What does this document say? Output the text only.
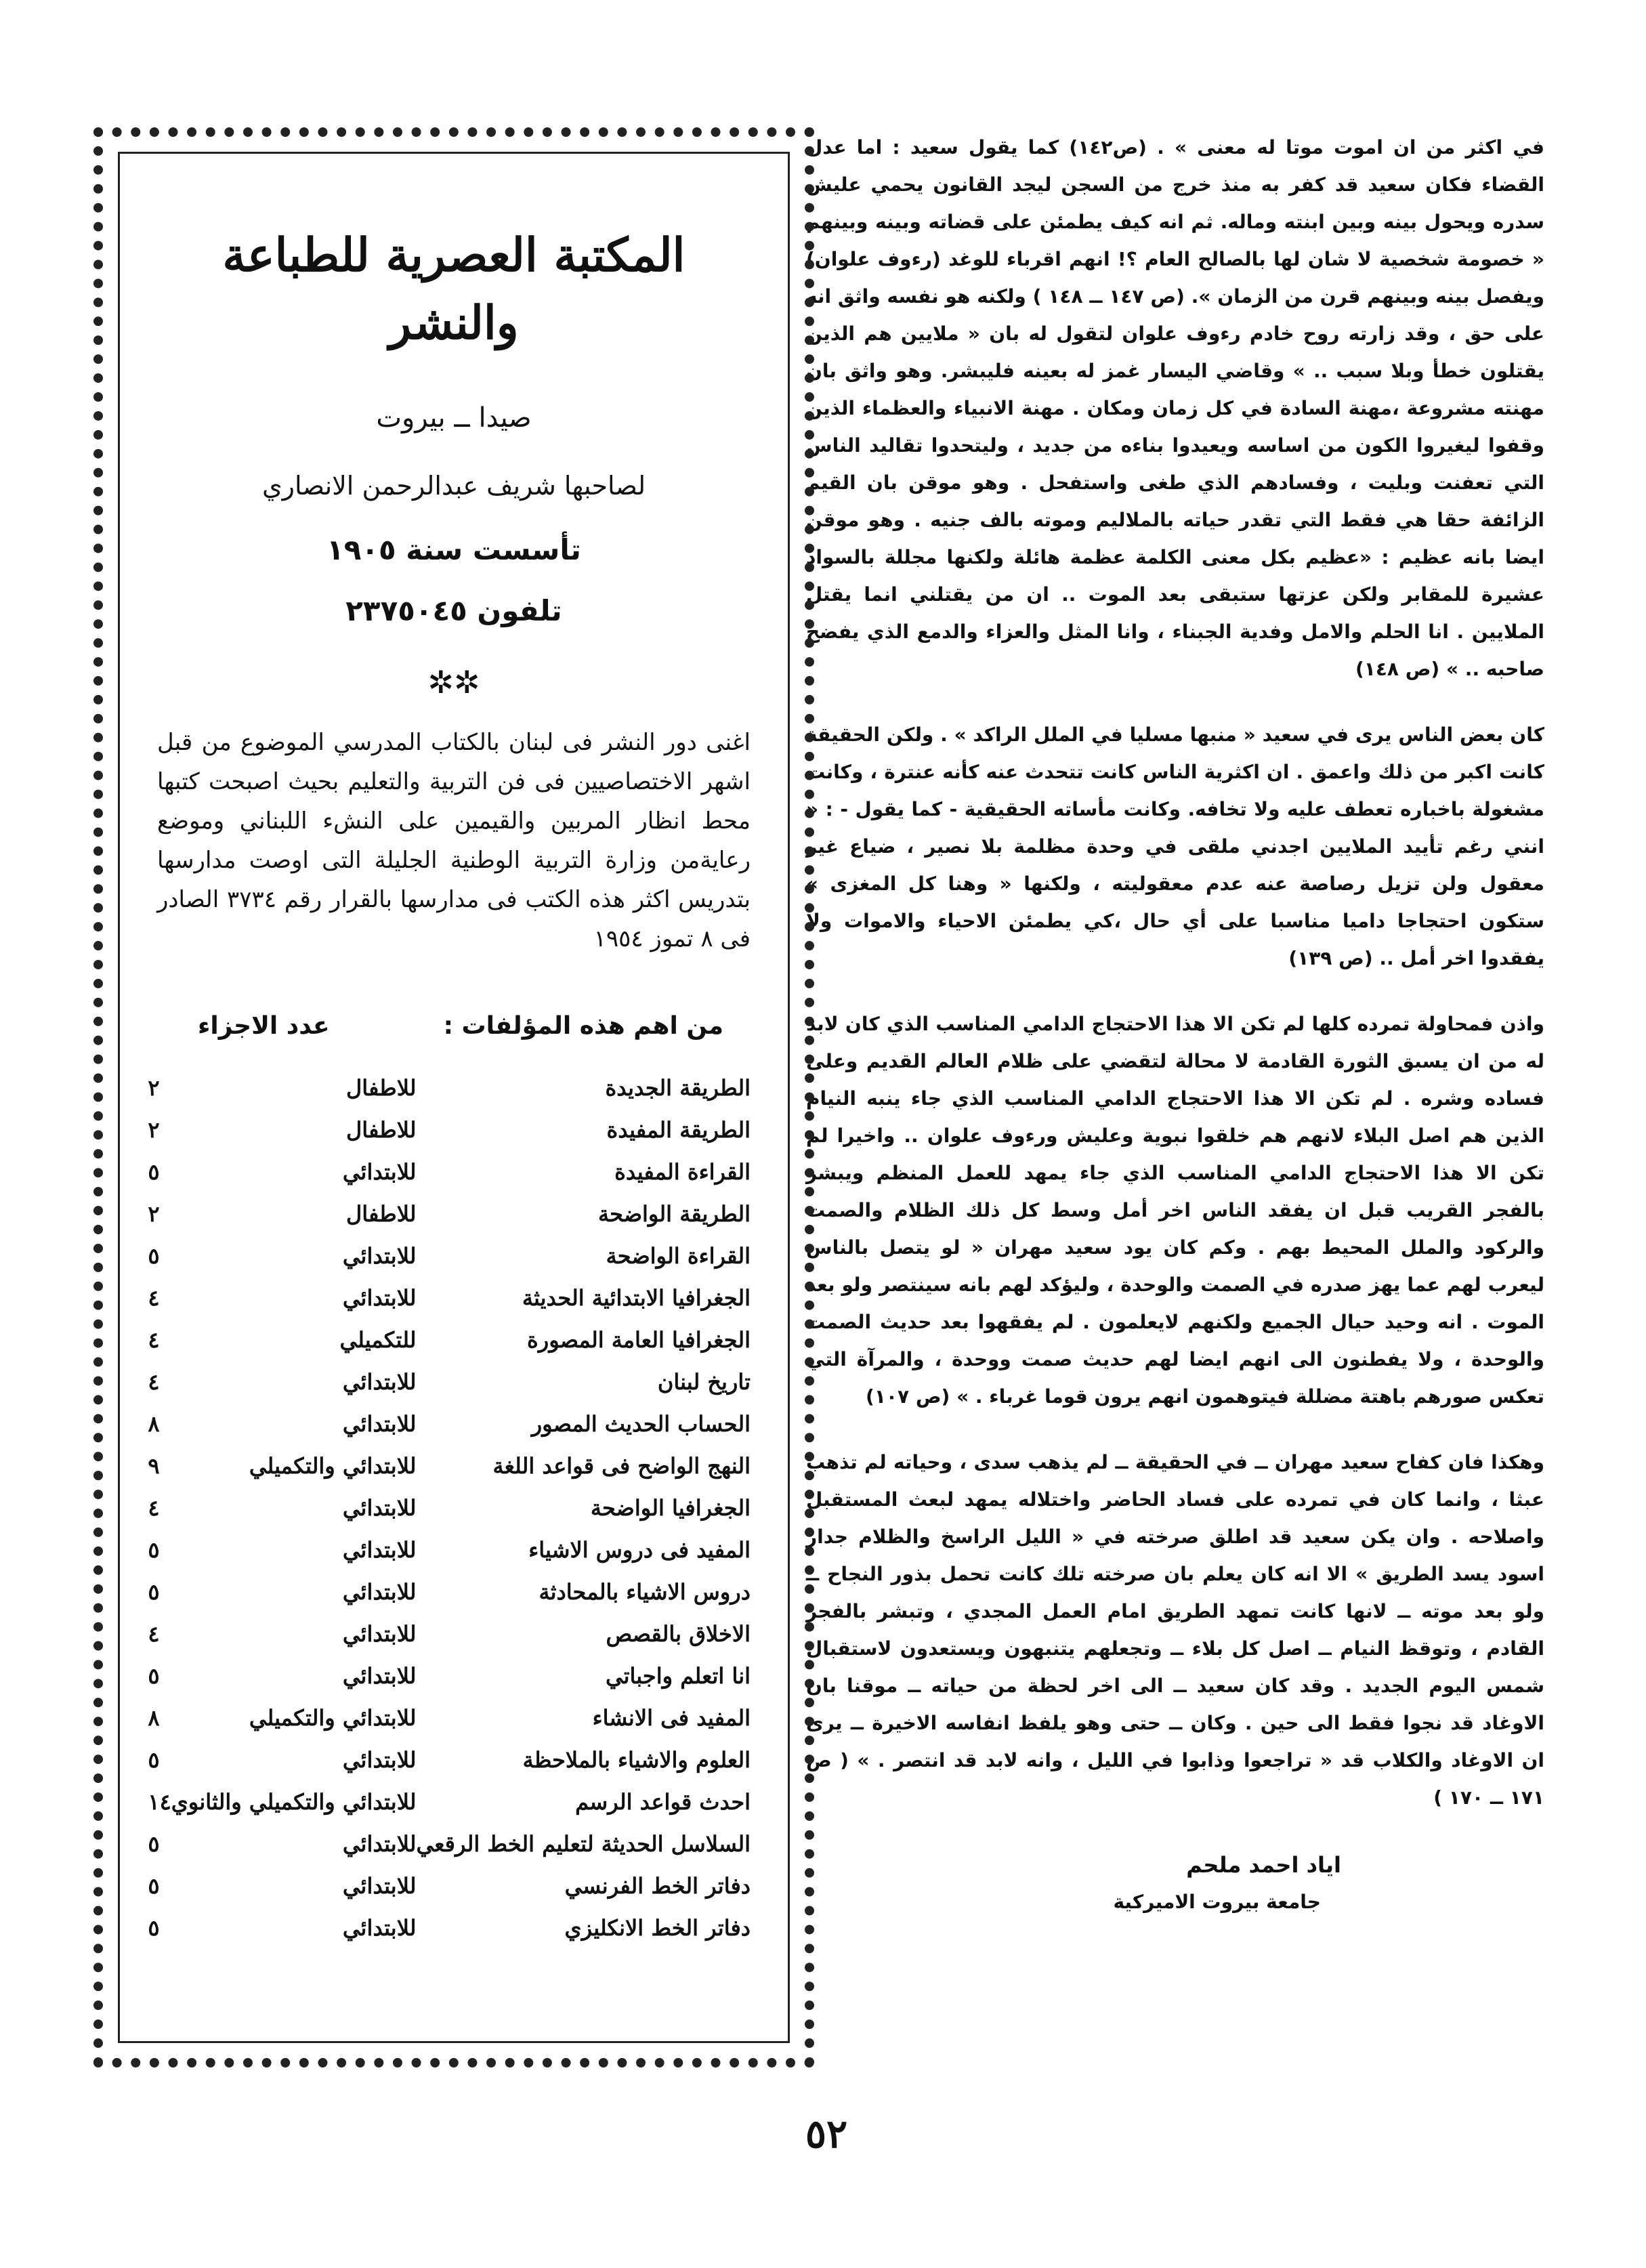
في اكثر من ان اموت موتا له معنى » . (ص١٤٢) كما يقول سعيد : اما عدل القضاء فكان سعيد قد كفر به منذ خرج من السجن ليجد القانون يحمي عليش سدره ويحول بينه وبين ابنته وماله. ثم انه كيف يطمئن على قضاته وبينه وبينهم « خصومة شخصية لا شان لها بالصالح العام ؟! انهم اقرباء للوغد (رءوف علوان) ويفصل بينه وبينهم قرن من الزمان ». (ص ١٤٧ ــ ١٤٨ ) ولكنه هو نفسه واثق انه على حق ، وقد زارته روح خادم رءوف علوان لتقول له بان « ملايين هم الذين يقتلون خطأ وبلا سبب .. » وقاضي اليسار غمز له بعينه فليبشر. وهو واثق بان مهنته مشروعة ،مهنة السادة في كل زمان ومكان . مهنة الانبياء والعظماء الذين وقفوا ليغيروا الكون من اساسه ويعيدوا بناءه من جديد ، وليتحدوا تقاليد الناس التي تعفنت وبليت ، وفسادهم الذي طغى واستفحل . وهو موقن بان القيم الزائفة حقا هي فقط التي تقدر حياته بالملاليم وموته بالف جنيه . وهو موقن ايضا بانه عظيم : «عظيم بكل معنى الكلمة عظمة هائلة ولكنها مجللة بالسواد عشيرة للمقابر ولكن عزتها ستبقى بعد الموت .. ان من يقتلني انما يقتل الملايين . انا الحلم والامل وفدية الجبناء ، وانا المثل والعزاء والدمع الذي يفضح صاحبه .. » (ص ١٤٨)

كان بعض الناس يرى في سعيد « منبها مسليا في الملل الراكد » . ولكن الحقيقة كانت اكبر من ذلك واعمق . ان اكثرية الناس كانت تتحدث عنه كأنه عنترة ، وكانت مشغولة باخباره تعطف عليه ولا تخافه. وكانت مأساته الحقيقية - كما يقول - : « انني رغم تأييد الملايين اجدني ملقى في وحدة مظلمة بلا نصير ، ضياع غير معقول ولن تزيل رصاصة عنه عدم معقوليته ، ولكنها « وهنا كل المغزى » ستكون احتجاجا داميا مناسبا على أي حال ،كي يطمئن الاحياء والاموات ولا يفقدوا اخر أمل .. (ص ١٣٩)

واذن فمحاولة تمرده كلها لم تكن الا هذا الاحتجاج الدامي المناسب الذي كان لابد له من ان يسبق الثورة القادمة لا محالة لتقضي على ظلام العالم القديم وعلى فساده وشره . لم تكن الا هذا الاحتجاج الدامي المناسب الذي جاء ينبه النيام الذين هم اصل البلاء لانهم هم خلقوا نبوية وعليش ورءوف علوان .. واخيرا لم تكن الا هذا الاحتجاج الدامي المناسب الذي جاء يمهد للعمل المنظم ويبشر بالفجر القريب قبل ان يفقد الناس اخر أمل وسط كل ذلك الظلام والصمت والركود والملل المحيط بهم . وكم كان يود سعيد مهران « لو يتصل بالناس ليعرب لهم عما يهز صدره في الصمت والوحدة ، وليؤكد لهم بانه سينتصر ولو بعد الموت . انه وحيد حيال الجميع ولكنهم لايعلمون . لم يفقهوا بعد حديث الصمت والوحدة ، ولا يفطنون الى انهم ايضا لهم حديث صمت ووحدة ، والمرآة التي تعكس صورهم باهتة مضللة فيتوهمون انهم يرون قوما غرباء . » (ص ١٠٧)

وهكذا فان كفاح سعيد مهران ــ في الحقيقة ــ لم يذهب سدى ، وحياته لم تذهب عبثا ، وانما كان في تمرده على فساد الحاضر واختلاله يمهد لبعث المستقبل واصلاحه . وان يكن سعيد قد اطلق صرخته في « الليل الراسخ والظلام جدار اسود يسد الطريق » الا انه كان يعلم بان صرخته تلك كانت تحمل بذور النجاح ــ ولو بعد موته ــ لانها كانت تمهد الطريق امام العمل المجدي ، وتبشر بالفجر القادم ، وتوقظ النيام ــ اصل كل بلاء ــ وتجعلهم يتنبهون ويستعدون لاستقبال شمس اليوم الجديد . وقد كان سعيد ــ الى اخر لحظة من حياته ــ موقنا بان الاوغاد قد نجوا فقط الى حين . وكان ــ حتى وهو يلفظ انفاسه الاخيرة ــ يرى ان الاوغاد والكلاب قد « تراجعوا وذابوا في الليل ، وانه لابد قد انتصر . » ( ص ١٧١ ــ ١٧٠ )

اياد احمد ملحم
جامعة بيروت الاميركية
المكتبة العصرية للطباعة والنشر
صيدا ــ بيروت
لصاحبها شريف عبدالرحمن الانصاري
تأسست سنة ١٩٠٥
تلفون ٢٣٧٥٠٤٥
✲✲
اغنى دور النشر فى لبنان بالكتاب المدرسي الموضوع من قبل اشهر الاختصاصيين فى فن التربية والتعليم بحيث اصبحت كتبها محط انظار المربين والقيمين على النشء اللبناني وموضع رعايةمن وزارة التربية الوطنية الجليلة التى اوصت مدارسها بتدريس اكثر هذه الكتب فى مدارسها بالقرار رقم ٣٧٣٤ الصادر فى ٨ تموز ١٩٥٤
من اهم هذه المؤلفات :
عدد الاجزاء
الطريقة الجديدة	للاطفال	٢
الطريقة المفيدة	للاطفال	٢
القراءة المفيدة	للابتدائي	٥
الطريقة الواضحة	للاطفال	٢
القراءة الواضحة	للابتدائي	٥
الجغرافيا الابتدائية الحديثة	للابتدائي	٤
الجغرافيا العامة المصورة	للتكميلي	٤
تاريخ لبنان	للابتدائي	٤
الحساب الحديث المصور	للابتدائي	٨
النهج الواضح فى قواعد اللغة	للابتدائي والتكميلي	٩
الجغرافيا الواضحة	للابتدائي	٤
المفيد فى دروس الاشياء	للابتدائي	٥
دروس الاشياء بالمحادثة	للابتدائي	٥
الاخلاق بالقصص	للابتدائي	٤
انا اتعلم واجباتي	للابتدائي	٥
المفيد فى الانشاء	للابتدائي والتكميلي	٨
العلوم والاشياء بالملاحظة	للابتدائي	٥
احدث قواعد الرسم	للابتدائي والتكميلي والثانوي	١٤
السلاسل الحديثة لتعليم الخط الرقعي	للابتدائي	٥
دفاتر الخط الفرنسي	للابتدائي	٥
دفاتر الخط الانكليزي	للابتدائي	٥
٥٢
